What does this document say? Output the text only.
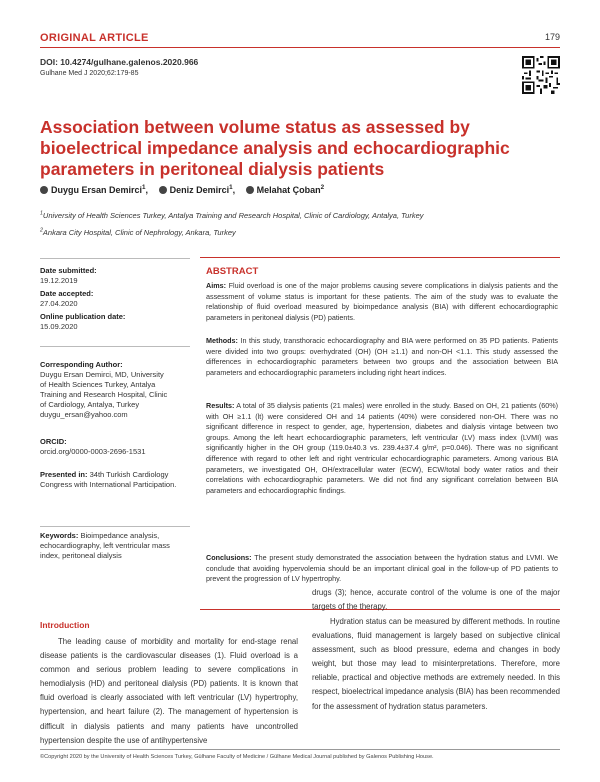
ORIGINAL ARTICLE	179
DOI: 10.4274/gulhane.galenos.2020.966
Gulhane Med J 2020;62:179-85
Association between volume status as assessed by bioelectrical impedance analysis and echocardiographic parameters in peritoneal dialysis patients
Duygu Ersan Demirci$^1$, Deniz Demirci$^1$, Melahat Çoban$^2$
$^1$University of Health Sciences Turkey, Antalya Training and Research Hospital, Clinic of Cardiology, Antalya, Turkey
$^2$Ankara City Hospital, Clinic of Nephrology, Ankara, Turkey
Date submitted:
19.12.2019
Date accepted:
27.04.2020
Online publication date:
15.09.2020
Corresponding Author:
Duygu Ersan Demirci, MD, University
of Health Sciences Turkey, Antalya
Training and Research Hospital, Clinic
of Cardiology, Antalya, Turkey
duygu_ersan@yahoo.com
ORCID:
orcid.org/0000-0003-2696-1531
Presented in: 34th Turkish Cardiology Congress with International Participation.
Keywords: Bioimpedance analysis, echocardiography, left ventricular mass index, peritoneal dialysis
ABSTRACT
Aims: Fluid overload is one of the major problems causing severe complications in dialysis patients and the assessment of volume status is important for these patients. The aim of the study was to evaluate the relationship of fluid overload measured by bioimpedance analysis (BIA) with different echocardiographic parameters in peritoneal dialysis (PD) patients.
Methods: In this study, transthoracic echocardiography and BIA were performed on 35 PD patients. Patients were divided into two groups: overhydrated (OH) (OH ≥1.1) and non-OH <1.1. This study assessed the differences in echocardiographic parameters between two groups and the association between BIA parameters and echocardiographic parameters including right heart indices.
Results: A total of 35 dialysis patients (21 males) were enrolled in the study. Based on OH, 21 patients (60%) with OH ≥1.1 (lt) were considered OH and 14 patients (40%) were considered non-OH. There was no significant difference in respect to gender, age, hypertension, diabetes and dialysis vintage between two groups. Among the left heart echocardiographic parameters, left ventricular (LV) mass index (LVMI) was significantly higher in the OH group (119.0±40.3 vs. 239.4±37.4 g/m², p=0.046). There was no significant difference with regard to other left and right ventricular echocardiographic parameters. Among various BIA parameters, we investigated OH, OH/extracellular water (ECW), ECW/total body water ratios and their correlations with echocardiographic parameters. We did not find any significant correlation between BIA parameters and echocardiographic findings.
Conclusions: The present study demonstrated the association between the hydration status and LVMI. We conclude that avoiding hypervolemia should be an important clinical goal in the follow-up of PD patients to prevent the progression of LV hypertrophy.
Introduction
The leading cause of morbidity and mortality for end-stage renal disease patients is the cardiovascular diseases (1). Fluid overload is a common and serious problem leading to severe complications in hemodialysis (HD) and peritoneal dialysis (PD) patients. It is known that fluid overload is clearly associated with left ventricular (LV) hypertrophy, hypertension, and heart failure (2). The management of hypertension is difficult in dialysis patients and many patients have uncontrolled hypertension despite the use of antihypertensive
drugs (3); hence, accurate control of the volume is one of the major targets of the therapy.
Hydration status can be measured by different methods. In routine evaluations, fluid management is largely based on subjective clinical assessment, such as blood pressure, edema and changes in body weight, but those may lead to misinterpretations. Therefore, more reliable, practical and objective methods are extremely needed. In this respect, bioelectrical impedance analysis (BIA) has been recommended for the assessment of hydration status parameters.
©Copyright 2020 by the University of Health Sciences Turkey, Gülhane Faculty of Medicine / Gülhane Medical Journal published by Galenos Publishing House.
